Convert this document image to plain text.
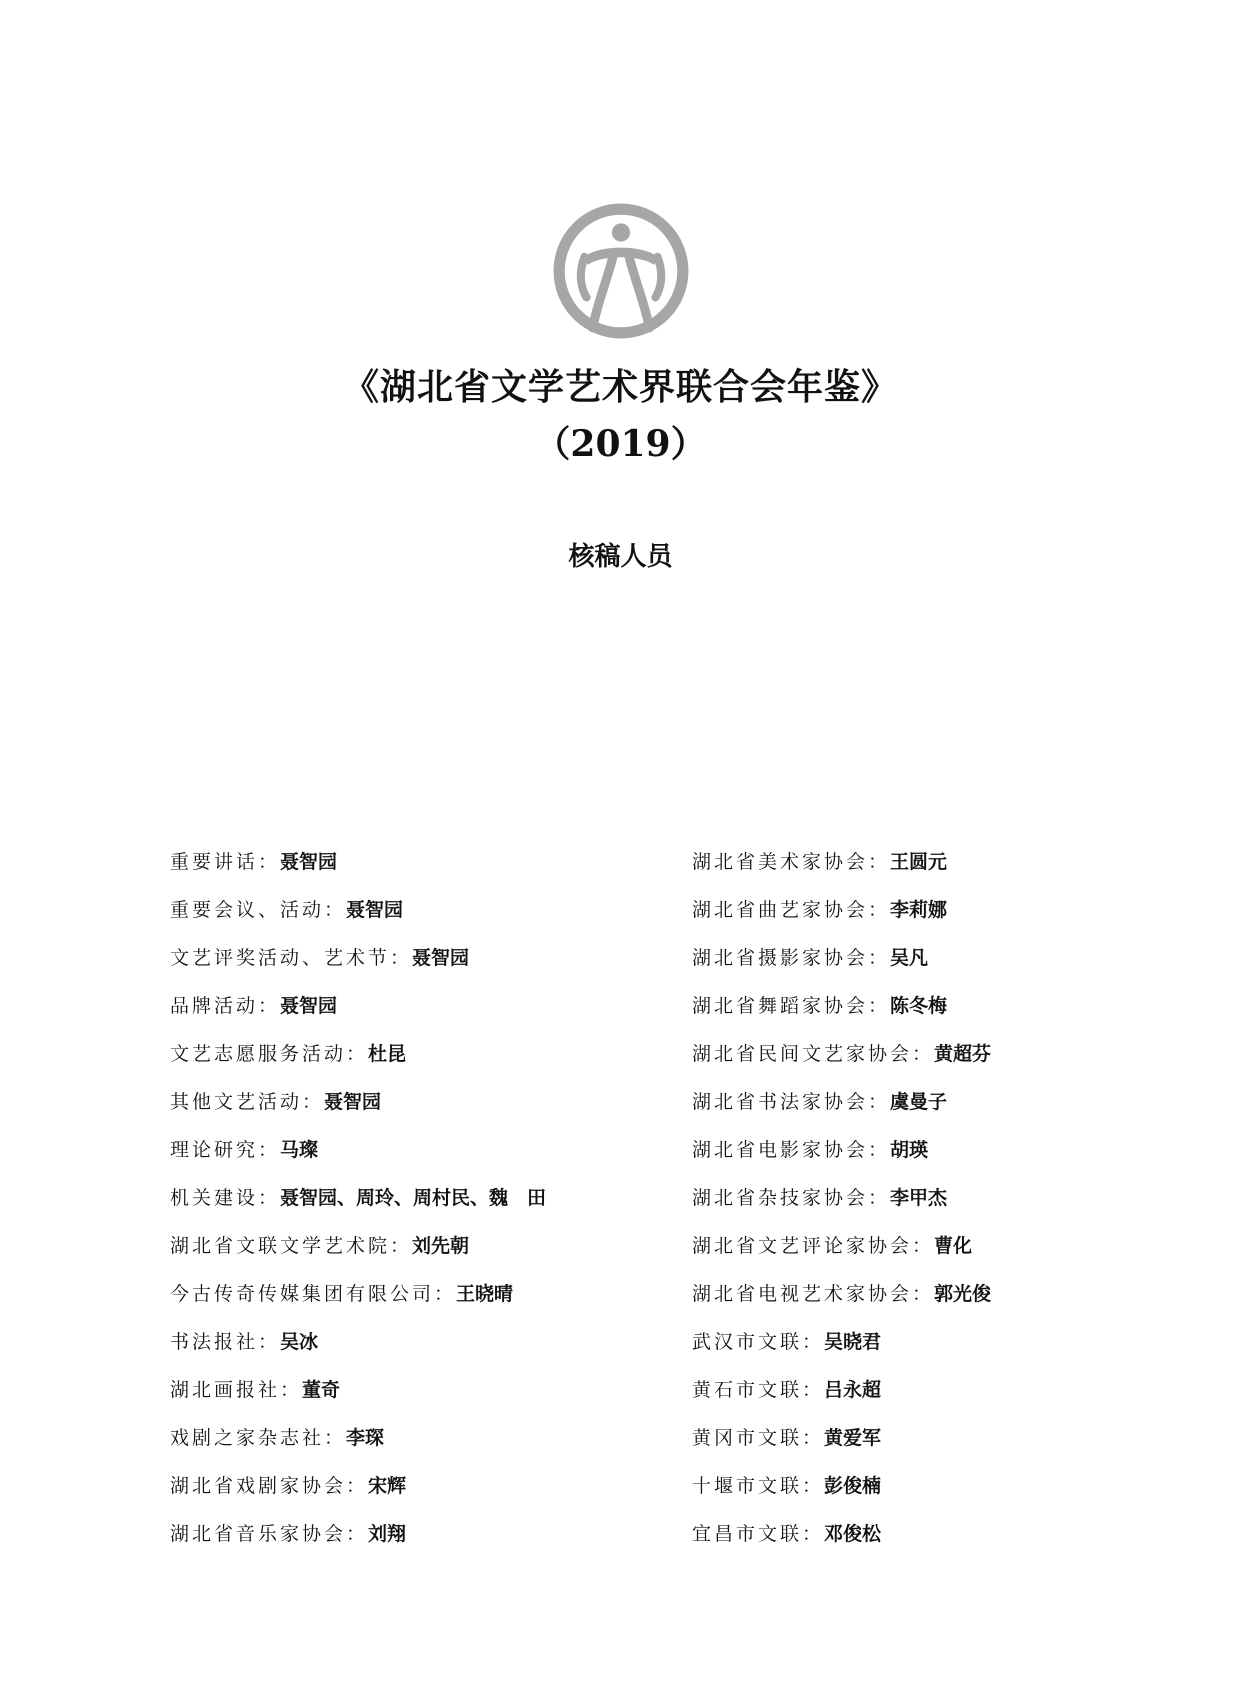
《湖北省文学艺术界联合会年鉴》
（2019）
核稿人员
重要讲话：聂智园
重要会议、活动：聂智园
文艺评奖活动、艺术节：聂智园
品牌活动：聂智园
文艺志愿服务活动：杜昆
其他文艺活动：聂智园
理论研究：马璨
机关建设：聂智园、周玲、周村民、魏　田
湖北省文联文学艺术院：刘先朝
今古传奇传媒集团有限公司：王晓晴
书法报社：吴冰
湖北画报社：董奇
戏剧之家杂志社：李琛
湖北省戏剧家协会：宋辉
湖北省音乐家协会：刘翔
湖北省美术家协会：王圆元
湖北省曲艺家协会：李莉娜
湖北省摄影家协会：吴凡
湖北省舞蹈家协会：陈冬梅
湖北省民间文艺家协会：黄超芬
湖北省书法家协会：虞曼子
湖北省电影家协会：胡瑛
湖北省杂技家协会：李甲杰
湖北省文艺评论家协会：曹化
湖北省电视艺术家协会：郭光俊
武汉市文联：吴晓君
黄石市文联：吕永超
黄冈市文联：黄爱军
十堰市文联：彭俊楠
宜昌市文联：邓俊松
